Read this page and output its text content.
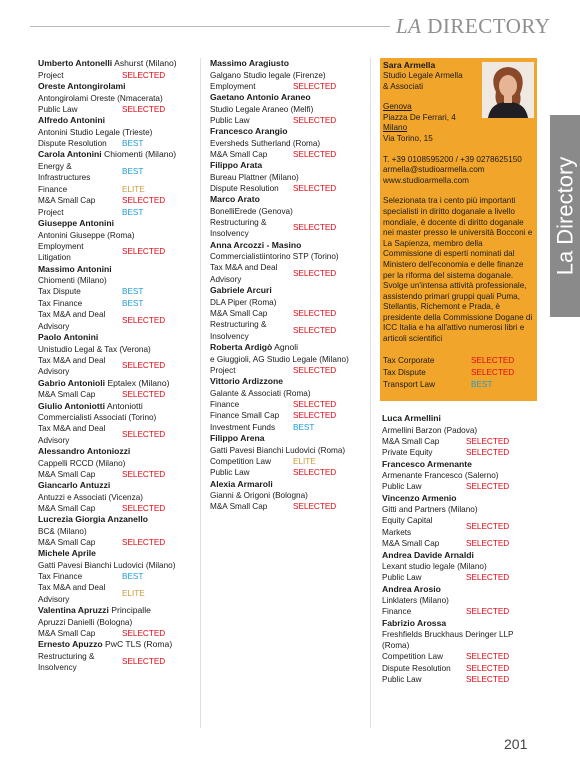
LA DIRECTORY
La Directory
Umberto Antonelli Ashurst (Milano)
Project	SELECTED
Oreste Antongirolami
Antongirolami Oreste (Nmacerata)
Public Law	SELECTED
Alfredo Antonini
Antonini Studio Legale (Trieste)
Dispute Resolution	BEST
Carola Antonini Chiomenti (Milano)
Energy & Infrastructures
BEST
Finance	ELITE
M&A Small Cap	SELECTED
Project	BEST
Giuseppe Antonini
Antonini Giuseppe (Roma)
Employment Litigation
SELECTED
Massimo Antonini
Chiomenti (Milano)
Tax Dispute	BEST
Tax Finance	BEST
Tax M&A and Deal Advisory
SELECTED
Paolo Antonini
Unistudio Legal & Tax (Verona)
Tax M&A and Deal Advisory
SELECTED
Gabrio Antonioli Eptalex (Milano)
M&A Small Cap	SELECTED
Giulio Antoniotti Antoniotti
Commercialisti Associati (Torino)
Tax M&A and Deal Advisory
SELECTED
Alessandro Antoniozzi
Cappelli RCCD (Milano)
M&A Small Cap	SELECTED
Giancarlo Antuzzi
Antuzzi e Associati (Vicenza)
M&A Small Cap	SELECTED
Lucrezia Giorgia Anzanello
BC& (Milano)
M&A Small Cap	SELECTED
Michele Aprile
Gatti Pavesi Bianchi Ludovici (Milano)
Tax Finance	BEST
Tax M&A and Deal Advisory
ELITE
Valentina Apruzzi Principalle
Apruzzi Danielli (Bologna)
M&A Small Cap	SELECTED
Ernesto Apuzzo PwC TLS (Roma)
Restructuring & Insolvency
SELECTED
Massimo Aragiusto
Galgano Studio legale (Firenze)
Employment	SELECTED
Gaetano Antonio Araneo
Studio Legale Araneo (Melfi)
Public Law	SELECTED
Francesco Arangio
Eversheds Sutherland (Roma)
M&A Small Cap	SELECTED
Filippo Arata
Bureau Plattner (Milano)
Dispute Resolution	SELECTED
Marco Arato
BonelliErede (Genova)
Restructuring & Insolvency
SELECTED
Anna Arcozzi - Masino
Commercialistiintorino STP (Torino)
Tax M&A and Deal Advisory
SELECTED
Gabriele Arcuri
DLA Piper (Roma)
M&A Small Cap	SELECTED
Restructuring & Insolvency
SELECTED
Roberta Ardigò Agnoli
e Giuggioli, AG Studio Legale (Milano)
Project	SELECTED
Vittorio Ardizzone
Galante & Associati (Roma)
Finance	SELECTED
Finance Small Cap	SELECTED
Investment Funds	BEST
Filippo Arena
Gatti Pavesi Bianchi Ludovici (Roma)
Competition Law	ELITE
Public Law	SELECTED
Alexia Armaroli
Gianni & Origoni (Bologna)
M&A Small Cap	SELECTED
Sara Armella
Studio Legale Armella
& Associati
Genova
Piazza De Ferrari, 4
Milano
Via Torino, 15
T. +39 0108595200 / +39 0278625150
armella@studioarmella.com
www.studioarmella.com
Selezionata tra i cento più importanti specialisti in diritto doganale a livello mondiale, è docente di diritto doganale nei master presso le università Bocconi e La Sapienza, membro della Commissione di esperti nominati dal Ministero dell'economia e delle finanze per la riforma del sistema doganale. Svolge un'intensa attività professionale, assistendo primari gruppi quali Puma, Stellantis, Richemont e Prada, è presidente della Commissione Dogane di ICC Italia e ha all'attivo numerosi libri e articoli scientifici
Tax Corporate	SELECTED
Tax Dispute	SELECTED
Transport Law	BEST
Luca Armellini
Armellini Barzon (Padova)
M&A Small Cap	SELECTED
Private Equity	SELECTED
Francesco Armenante
Armenante Francesco (Salerno)
Public Law	SELECTED
Vincenzo Armenio
Gitti and Partners (Milano)
Equity Capital Markets
SELECTED
M&A Small Cap	SELECTED
Andrea Davide Arnaldi
Lexant studio legale (Milano)
Public Law	SELECTED
Andrea Arosio
Linklaters (Milano)
Finance	SELECTED
Fabrizio Arossa
Freshfields Bruckhaus Deringer LLP (Roma)
Competition Law	SELECTED
Dispute Resolution	SELECTED
Public Law	SELECTED
201
